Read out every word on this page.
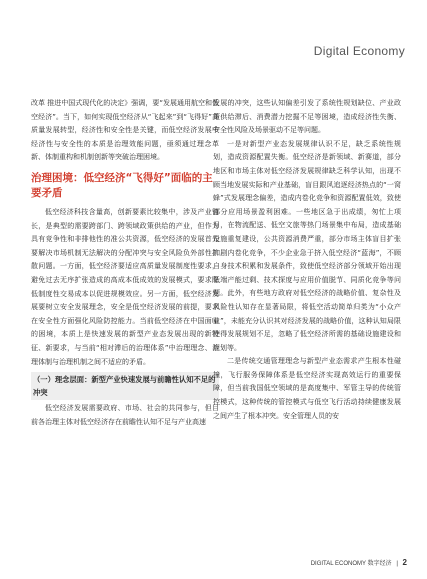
Digital Economy

改革 推进中国式现代化的决定》强调，要“发展通用航空和低空经济”。当下，如何实现低空经济从“飞起来”到“飞得好”高质量发展转型，经济性和安全性是关键，而低空经济发展中经济性与安全性的本质是治理效能问题，亟须通过理念革新、体制重构和机制创新等突破治理困境。

治理困境：低空经济“飞得好”面临的主要矛盾

低空经济科技含量高，创新要素比较集中，涉及产业链长，是典型的需要跨部门、跨领域政策供给的产业，但作为具有竞争性和非排他性的准公共资源，低空经济的发展首先要解决市场机制无法解决的分配冲突与安全风险负外部性扩散问题。一方面，低空经济要适应高质量发展制度性要求，避免过去无序扩张造成的高成本低成效的发展模式，要求降低制度性交易成本以促进规模效应。另一方面，低空经济发展要树立安全发展理念，安全是低空经济发展的前提，要求在安全性方面强化风险防控能力。当前低空经济在中国面临的困境，本质上是快速发展的新型产业态发展出现的新特征、新要求，与当前“相对滞后的治理体系”中治理理念、治理体制与治理机制之间不适应的矛盾。

（一）理念层面：新型产业快速发展与前瞻性认知不足的冲突

低空经济发展需要政府、市场、社会的共同参与，但目前各治理主体对低空经济存在前瞻性认知不足与产业高速

发展的冲突，这些认知偏差引发了系统性规划缺位、产业政策供给滞后、消费潜力挖掘不足等困境，造成经济性失衡、安全性风险及场景驱动不足等问题。

一是对新型产业态发展规律认识不足，缺乏系统性规划，造成资源配置失衡。低空经济是新领域、新赛道，部分地区和市场主体对低空经济发展规律缺乏科学认知，出现不顾当地发展实际和产业基础，盲目跟风追逐经济热点的“一窝蜂”式发展理念偏差，造成内卷化竞争和资源配置低效，致使部分应用场景盈利困难。一些地区急于出成绩，匆忙上项目，在物流配送、低空文旅等热门场景集中布局，造成基础设施重复建设，公共资源消费严重，部分市场主体盲目扩张加剧内卷化竞争，不少企业急于挤入低空经济“蓝海”，不顾自身技术积累和发展条件，致使低空经济部分领域开始出现低端产能过剩、技术探度与应用价值脱节、同质化竞争等问题。此外，有些地方政府对低空经济的战略价值、复杂性及风险性认知存在显著局限，将低空活动简单归类为“小众产业”，未能充分认识其对经济发展的战略价值，这种认知局限使得发展规划不足，忽略了低空经济所需的基础设施建设和规划等。

二是传统交通管理理念与新型产业态需求产生根本性碰撞，飞行服务保障体系是低空经济实现高效运行的重要保障，但当前我国低空领域的是高度集中、军管主导的传统管控模式，这种传统的管控模式与低空飞行活动持续健康发展之间产生了根本冲突。安全管理人员的安

DIGITAL ECONOMY 数字经济 | 2
